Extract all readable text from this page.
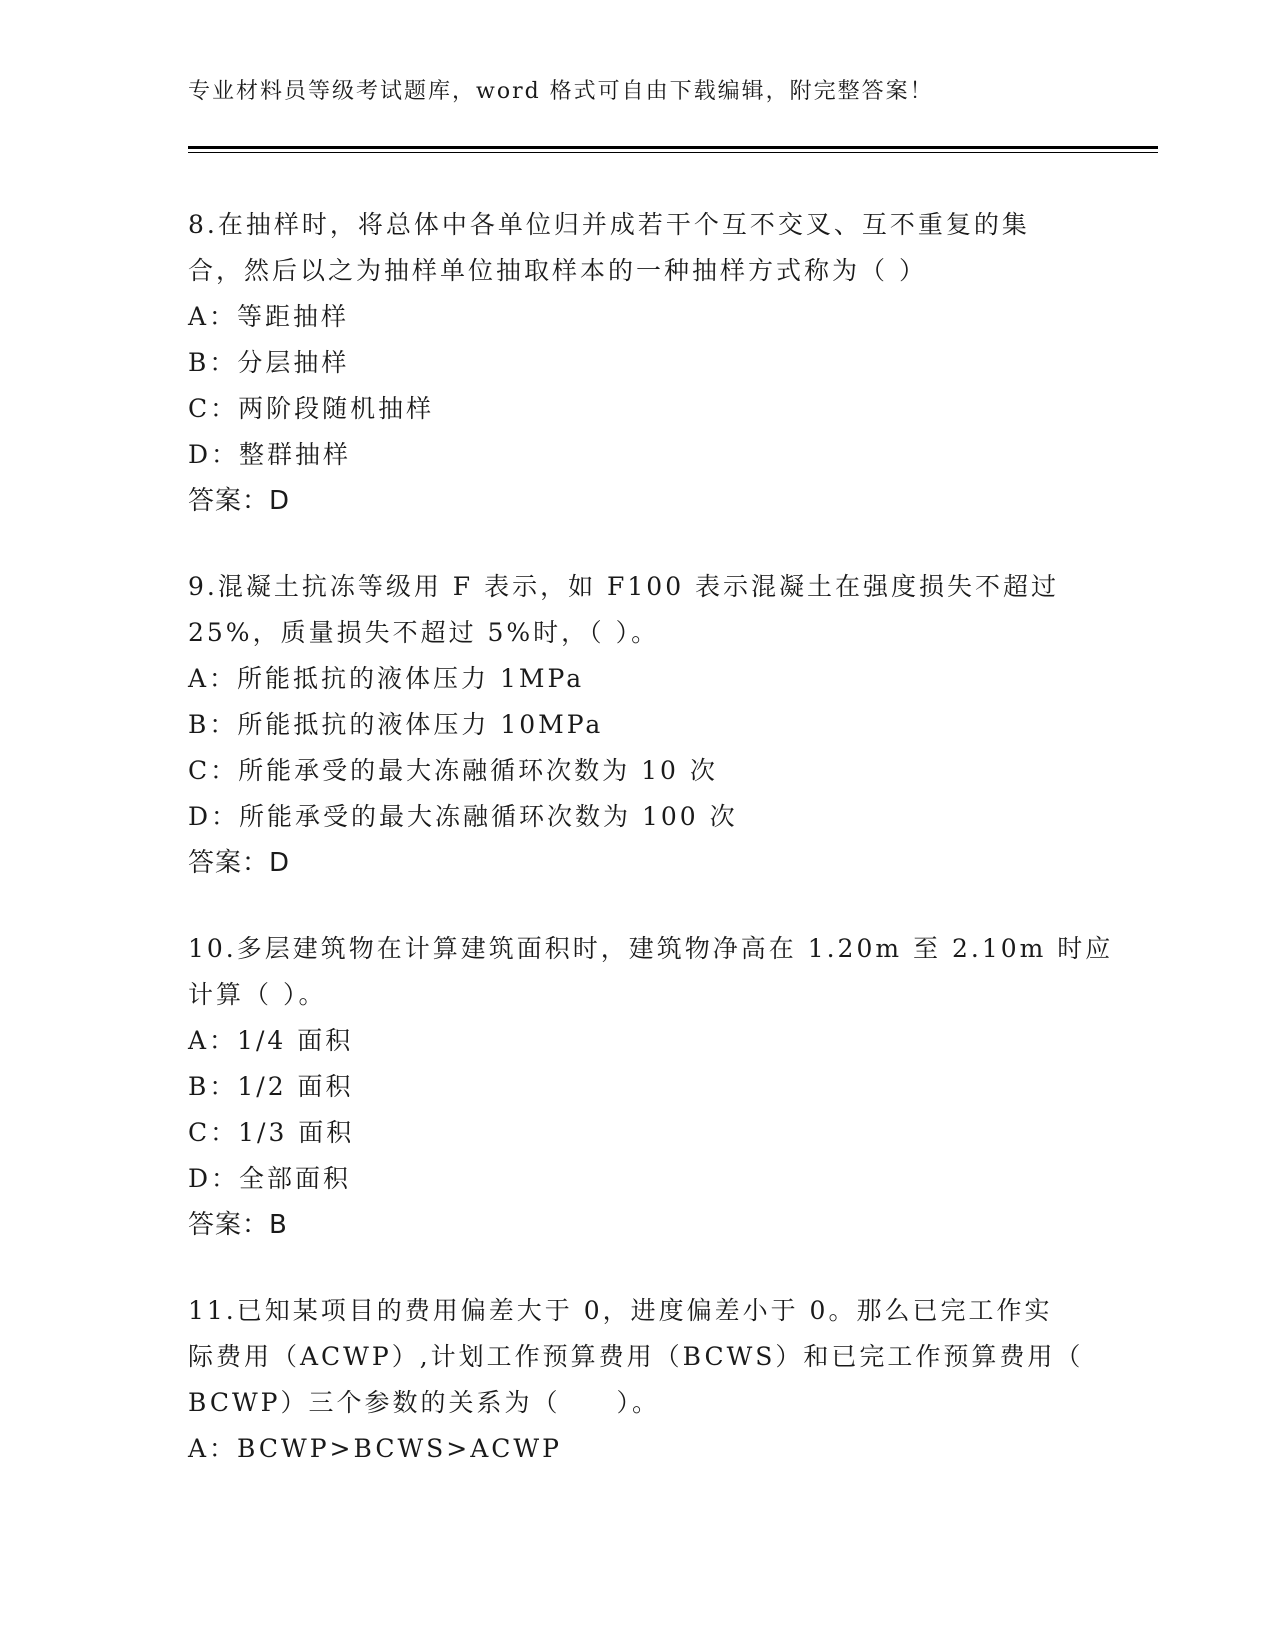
专业材料员等级考试题库，word 格式可自由下载编辑，附完整答案！
8.在抽样时，将总体中各单位归并成若干个互不交叉、互不重复的集
合，然后以之为抽样单位抽取样本的一种抽样方式称为（ ）
A：等距抽样
B：分层抽样
C：两阶段随机抽样
D：整群抽样
答案：D
9.混凝土抗冻等级用 F 表示，如 F100 表示混凝土在强度损失不超过
25%，质量损失不超过 5%时，（ ）。
A：所能抵抗的液体压力 1MPa
B：所能抵抗的液体压力 10MPa
C：所能承受的最大冻融循环次数为 10 次
D：所能承受的最大冻融循环次数为 100 次
答案：D
10.多层建筑物在计算建筑面积时，建筑物净高在 1.20m 至 2.10m 时应
计算（ ）。
A：1/4 面积
B：1/2 面积
C：1/3 面积
D：全部面积
答案：B
11.已知某项目的费用偏差大于 0，进度偏差小于 0。那么已完工作实
际费用（ACWP）,计划工作预算费用（BCWS）和已完工作预算费用（
BCWP）三个参数的关系为（　　）。
A：BCWP>BCWS>ACWP
